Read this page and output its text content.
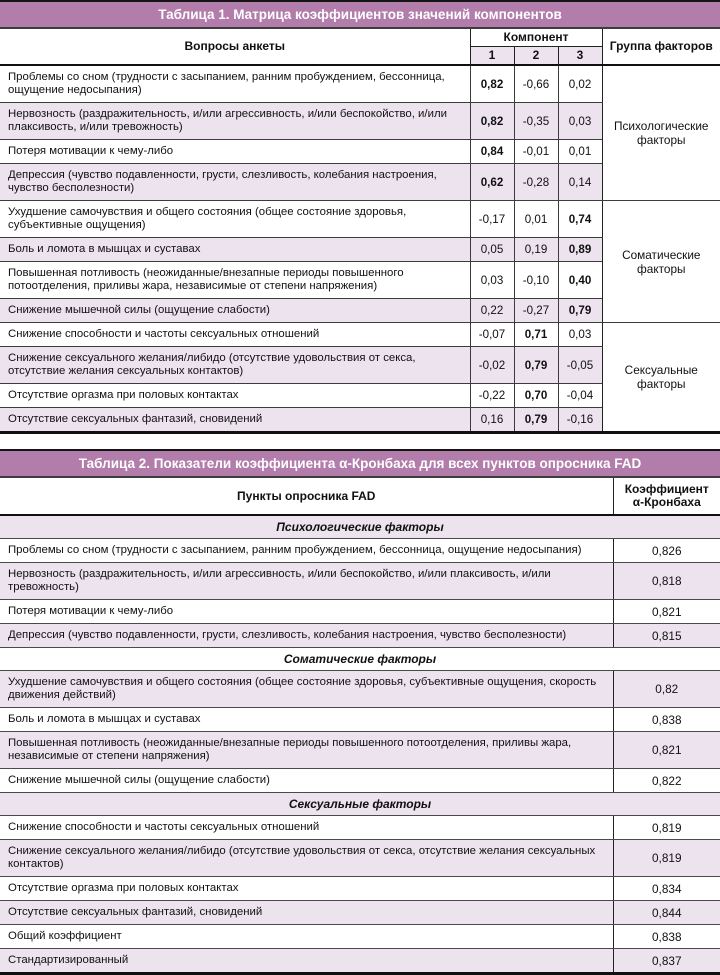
Таблица 1. Матрица коэффициентов значений компонентов
Вопросы анкеты	Компонент			Группа факторов
	1	2	3	
Проблемы со сном (трудности с засыпанием, ранним пробуждением, бессонница, ощущение недосыпания)	0,82	-0,66	0,02	Психологические факторы
Нервозность (раздражительность, и/или агрессивность, и/или беспокойство, и/или плаксивость, и/или тревожность)	0,82	-0,35	0,03	
Потеря мотивации к чему-либо	0,84	-0,01	0,01	
Депрессия (чувство подавленности, грусти, слезливость, колебания настроения, чувство бесполезности)	0,62	-0,28	0,14	
Ухудшение самочувствия и общего состояния (общее состояние здоровья, субъективные ощущения)	-0,17	0,01	0,74	Соматические факторы
Боль и ломота в мышцах и суставах	0,05	0,19	0,89	
Повышенная потливость (неожиданные/внезапные периоды повышенного потоотделения, приливы жара, независимые от степени напряжения)	0,03	-0,10	0,40	
Снижение мышечной силы (ощущение слабости)	0,22	-0,27	0,79	
Снижение способности и частоты сексуальных отношений	-0,07	0,71	0,03	Сексуальные факторы
Снижение сексуального желания/либидо (отсутствие удовольствия от секса, отсутствие желания сексуальных контактов)	-0,02	0,79	-0,05	
Отсутствие оргазма при половых контактах	-0,22	0,70	-0,04	
Отсутствие сексуальных фантазий, сновидений	0,16	0,79	-0,16	
Таблица 2. Показатели коэффициента α-Кронбаха для всех пунктов опросника FAD
Пункты опросника FAD	Коэффициент α-Кронбаха
Психологические факторы	
Проблемы со сном (трудности с засыпанием, ранним пробуждением, бессонница, ощущение недосыпания)	0,826
Нервозность (раздражительность, и/или агрессивность, и/или беспокойство, и/или плаксивость, и/или тревожность)	0,818
Потеря мотивации к чему-либо	0,821
Депрессия (чувство подавленности, грусти, слезливость, колебания настроения, чувство бесполезности)	0,815
Соматические факторы	
Ухудшение самочувствия и общего состояния (общее состояние здоровья, субъективные ощущения, скорость движения действий)	0,82
Боль и ломота в мышцах и суставах	0,838
Повышенная потливость (неожиданные/внезапные периоды повышенного потоотделения, приливы жара, независимые от степени напряжения)	0,821
Снижение мышечной силы (ощущение слабости)	0,822
Сексуальные факторы	
Снижение способности и частоты сексуальных отношений	0,819
Снижение сексуального желания/либидо (отсутствие удовольствия от секса, отсутствие желания сексуальных контактов)	0,819
Отсутствие оргазма при половых контактах	0,834
Отсутствие сексуальных фантазий, сновидений	0,844
Общий коэффициент	0,838
Стандартизированный	0,837
